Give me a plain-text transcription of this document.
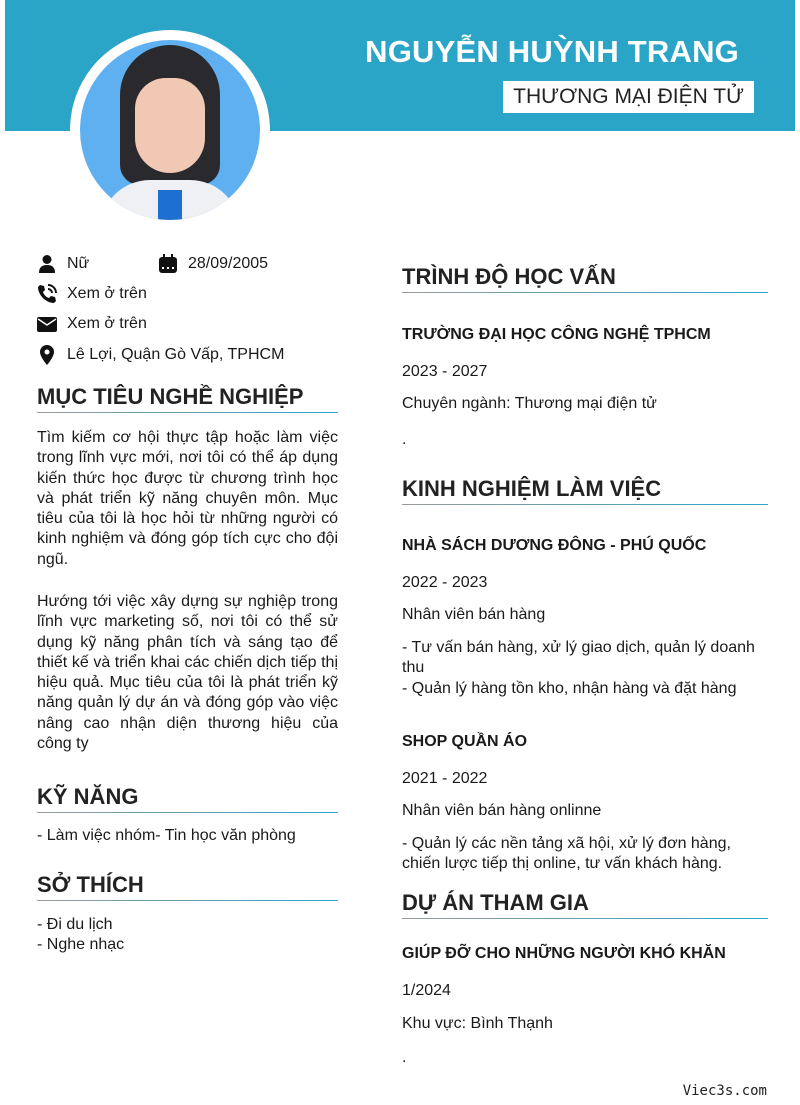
NGUYỄN HUỲNH TRANG
THƯƠNG MẠI ĐIỆN TỬ
Nữ	28/09/2005
Xem ở trên
Xem ở trên
Lê Lợi, Quận Gò Vấp, TPHCM
MỤC TIÊU NGHỀ NGHIỆP
Tìm kiếm cơ hội thực tập hoặc làm việc trong lĩnh vực mới, nơi tôi có thể áp dụng kiến thức học được từ chương trình học và phát triển kỹ năng chuyên môn. Mục tiêu của tôi là học hỏi từ những người có kinh nghiệm và đóng góp tích cực cho đội ngũ.
Hướng tới việc xây dựng sự nghiệp trong lĩnh vực marketing số, nơi tôi có thể sử dụng kỹ năng phân tích và sáng tạo để thiết kế và triển khai các chiến dịch tiếp thị hiệu quả. Mục tiêu của tôi là phát triển kỹ năng quản lý dự án và đóng góp vào việc nâng cao nhận diện thương hiệu của công ty
KỸ NĂNG
- Làm việc nhóm- Tin học văn phòng
SỞ THÍCH
- Đi du lịch
- Nghe nhạc
TRÌNH ĐỘ HỌC VẤN
TRƯỜNG ĐẠI HỌC CÔNG NGHỆ TPHCM
2023 - 2027
Chuyên ngành: Thương mại điện tử
.
KINH NGHIỆM LÀM VIỆC
NHÀ SÁCH DƯƠNG ĐÔNG - PHÚ QUỐC
2022 - 2023
Nhân viên bán hàng
- Tư vấn bán hàng, xử lý giao dịch, quản lý doanh thu
- Quản lý hàng tồn kho, nhận hàng và đặt hàng
SHOP QUẦN ÁO
2021 - 2022
Nhân viên bán hàng onlinne
- Quản lý các nền tảng xã hội, xử lý đơn hàng, chiến lược tiếp thị online, tư vấn khách hàng.
DỰ ÁN THAM GIA
GIÚP ĐỠ CHO NHỮNG NGƯỜI KHÓ KHĂN
1/2024
Khu vực: Bình Thạnh
.
Viec3s.com
